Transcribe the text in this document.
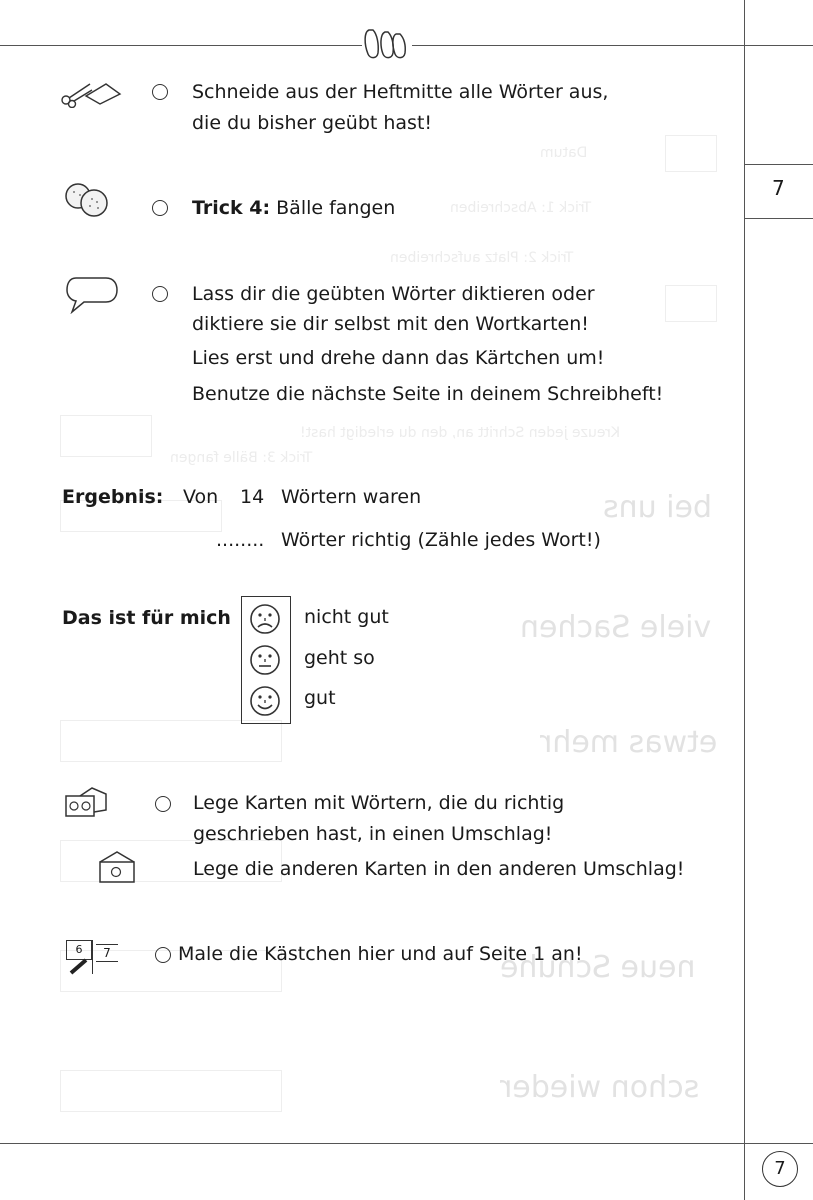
bei uns
viele Sachen
etwas mehr
neue Schuhe
schon wieder
Datum
Trick 1: Abschreiben
Trick 2: Platz aufschreiben
Kreuze jeden Schritt an, den du erledigt hast!
Trick 3: Bälle fangen
7
Schneide aus der Heftmitte alle Wörter aus,
die du bisher geübt hast!
Trick 4: Bälle fangen
Lass dir die geübten Wörter diktieren oder
diktiere sie dir selbst mit den Wortkarten!
Lies erst und drehe dann das Kärtchen um!
Benutze die nächste Seite in deinem Schreibheft!
Ergebnis: Von 14 Wörtern waren
........ Wörter richtig (Zähle jedes Wort!)
Das ist für mich	nicht gut
geht so
gut
Lege Karten mit Wörtern, die du richtig
geschrieben hast, in einen Umschlag!
Lege die anderen Karten in den anderen Umschlag!
6	7	Male die Kästchen hier und auf Seite 1 an!
7
